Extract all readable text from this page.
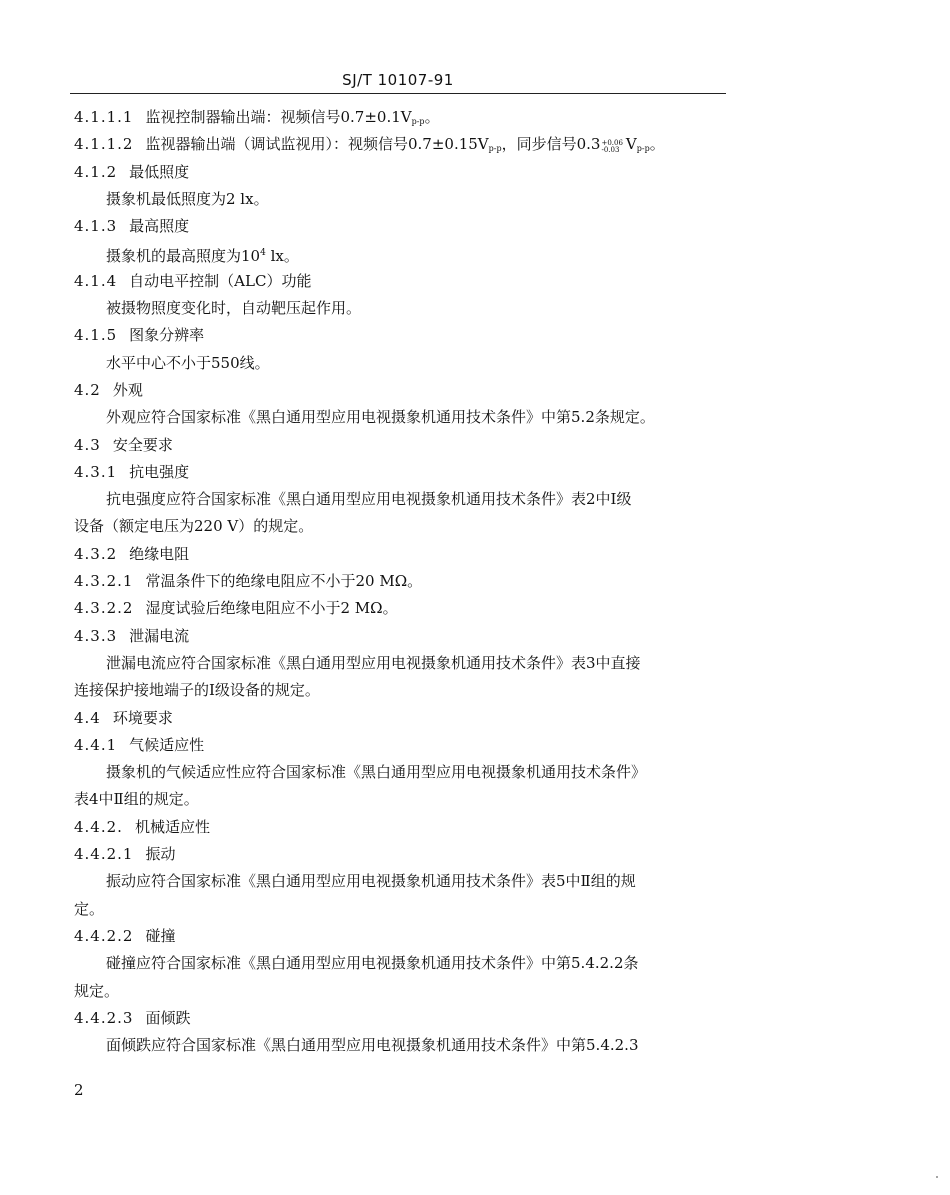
SJ/T 10107-91
4.1.1.1 监视控制器输出端：视频信号$0.7\pm 0.1V_{p-p}$。
4.1.1.2 监视器输出端（调试监视用）：视频信号$0.7\pm 0.15V_{p-p}$，同步信号0.3 +0.06
-0.03 $V_{p-p}$。
4.1.2 最低照度
摄象机最低照度为2 lx。
4.1.3 最高照度
摄象机的最高照度为$10^4$ lx。
4.1.4 自动电平控制（ALC）功能
被摄物照度变化时，自动靶压起作用。
4.1.5 图象分辨率
水平中心不小于550线。
4.2 外观
外观应符合国家标准《黑白通用型应用电视摄象机通用技术条件》中第5.2条规定。
4.3 安全要求
4.3.1 抗电强度
抗电强度应符合国家标准《黑白通用型应用电视摄象机通用技术条件》表2中Ⅰ级
设备（额定电压为220 V）的规定。
4.3.2 绝缘电阻
4.3.2.1 常温条件下的绝缘电阻应不小于20 MΩ。
4.3.2.2 湿度试验后绝缘电阻应不小于2 MΩ。
4.3.3 泄漏电流
泄漏电流应符合国家标准《黑白通用型应用电视摄象机通用技术条件》表3中直接
连接保护接地端子的Ⅰ级设备的规定。
4.4 环境要求
4.4.1 气候适应性
摄象机的气候适应性应符合国家标准《黑白通用型应用电视摄象机通用技术条件》
表4中Ⅱ组的规定。
4.4.2. 机械适应性
4.4.2.1 振动
振动应符合国家标准《黑白通用型应用电视摄象机通用技术条件》表5中Ⅱ组的规
定。
4.4.2.2 碰撞
碰撞应符合国家标准《黑白通用型应用电视摄象机通用技术条件》中第5.4.2.2条
规定。
4.4.2.3 面倾跌
面倾跌应符合国家标准《黑白通用型应用电视摄象机通用技术条件》中第5.4.2.3
2
